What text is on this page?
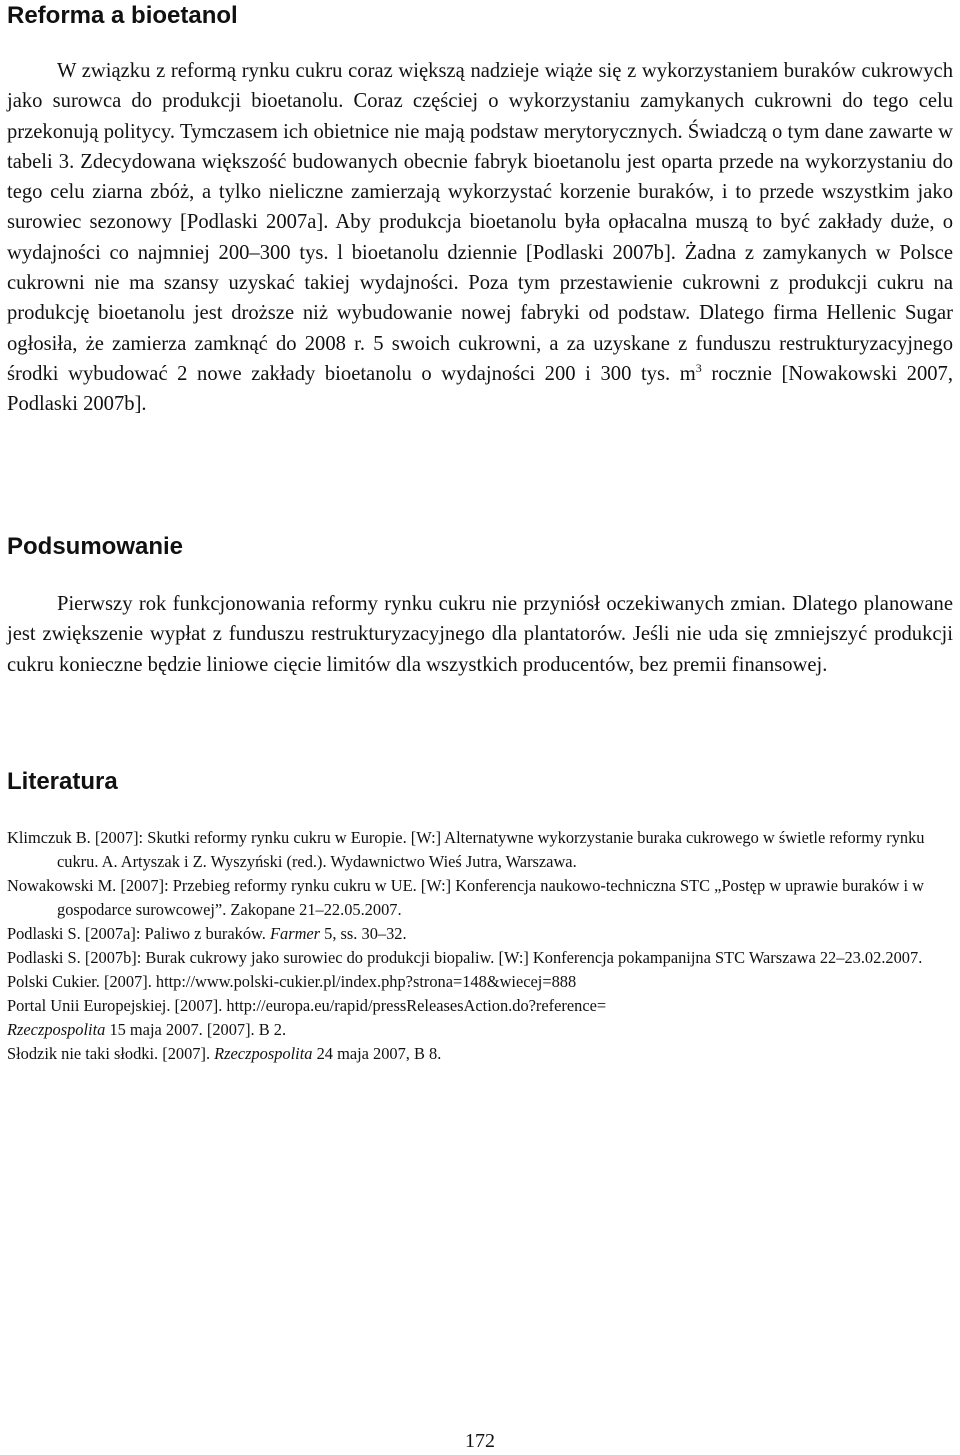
Reforma a bioetanol

W związku z reformą rynku cukru coraz większą nadzieje wiąże się z wykorzystaniem buraków cukrowych jako surowca do produkcji bioetanolu. Coraz częściej o wykorzystaniu zamykanych cukrowni do tego celu przekonują politycy. Tymczasem ich obietnice nie mają podstaw merytorycznych. Świadczą o tym dane zawarte w tabeli 3. Zdecydowana większość budowanych obecnie fabryk bioetanolu jest oparta przede na wykorzystaniu do tego celu ziarna zbóż, a tylko nieliczne zamierzają wykorzystać korzenie buraków, i to przede wszystkim jako surowiec sezonowy [Podlaski 2007a]. Aby produkcja bioetanolu była opłacalna muszą to być zakłady duże, o wydajności co najmniej 200–300 tys. l bioetanolu dziennie [Podlaski 2007b]. Żadna z zamykanych w Polsce cukrowni nie ma szansy uzyskać takiej wydajności. Poza tym przestawienie cukrowni z produkcji cukru na produkcję bioetanolu jest droższe niż wybudowanie nowej fabryki od podstaw. Dlatego firma Hellenic Sugar ogłosiła, że zamierza zamknąć do 2008 r. 5 swoich cukrowni, a za uzyskane z funduszu restrukturyzacyjnego środki wybudować 2 nowe zakłady bioetanolu o wydajności 200 i 300 tys. $m^3$ rocznie [Nowakowski 2007, Podlaski 2007b].

Podsumowanie

Pierwszy rok funkcjonowania reformy rynku cukru nie przyniósł oczekiwanych zmian. Dlatego planowane jest zwiększenie wypłat z funduszu restrukturyzacyjnego dla plantatorów. Jeśli nie uda się zmniejszyć produkcji cukru konieczne będzie liniowe cięcie limitów dla wszystkich producentów, bez premii finansowej.

Literatura
Klimczuk B. [2007]: Skutki reformy rynku cukru w Europie. [W:] Alternatywne wykorzystanie buraka cukrowego w świetle reformy rynku cukru. A. Artyszak i Z. Wyszyński (red.). Wydawnictwo Wieś Jutra, Warszawa.
Nowakowski M. [2007]: Przebieg reformy rynku cukru w UE. [W:] Konferencja naukowo-techniczna STC „Postęp w uprawie buraków i w gospodarce surowcowej”. Zakopane 21–22.05.2007.
Podlaski S. [2007a]: Paliwo z buraków. Farmer 5, ss. 30–32.
Podlaski S. [2007b]: Burak cukrowy jako surowiec do produkcji biopaliw. [W:] Konferencja pokampanijna STC Warszawa 22–23.02.2007.
Polski Cukier. [2007]. http://www.polski-cukier.pl/index.php?strona=148&wiecej=888
Portal Unii Europejskiej. [2007]. http://europa.eu/rapid/pressReleasesAction.do?reference=
Rzeczpospolita 15 maja 2007. [2007]. B 2.
Słodzik nie taki słodki. [2007]. Rzeczpospolita 24 maja 2007, B 8.
172
